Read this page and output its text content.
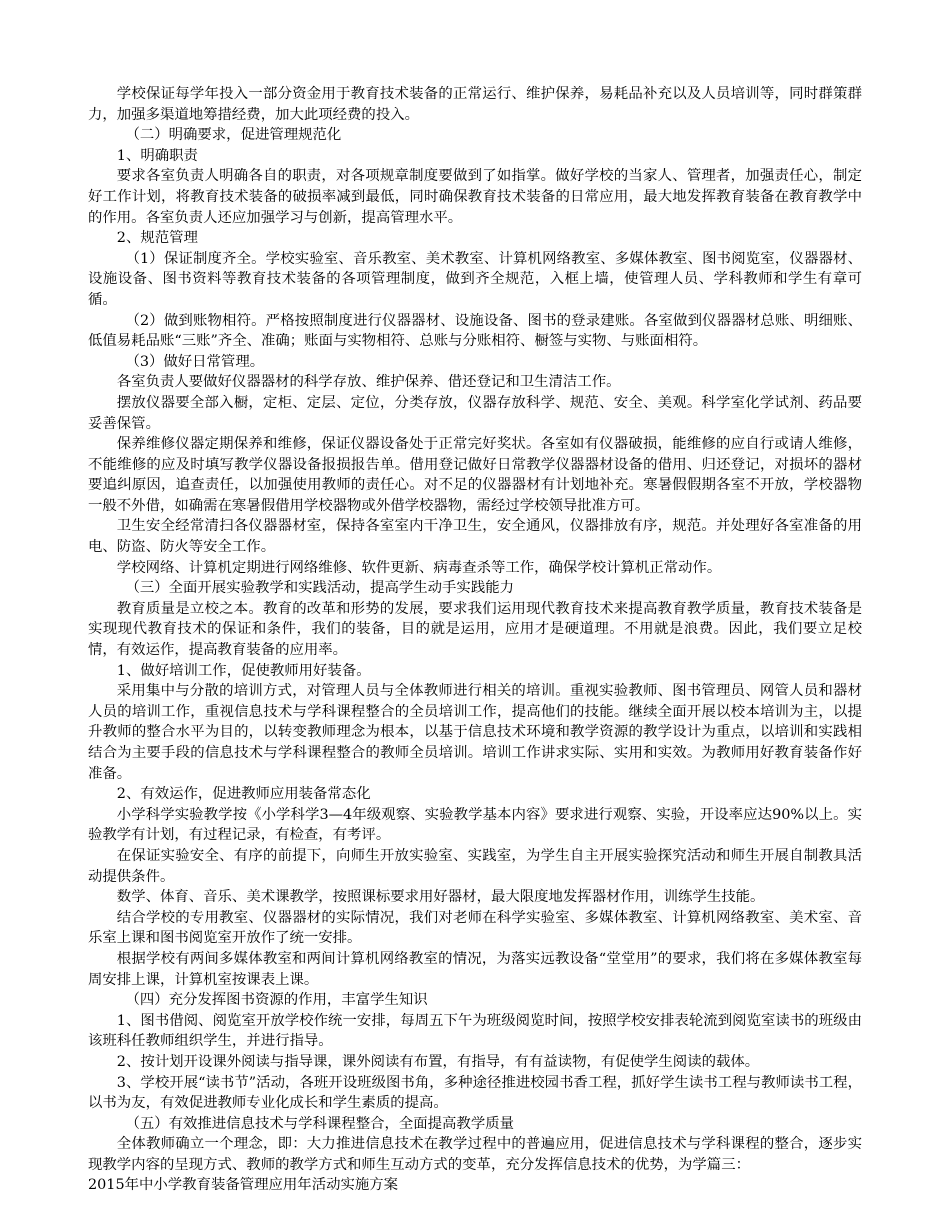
学校保证每学年投入一部分资金用于教育技术装备的正常运行、维护保养，易耗品补充以及人员培训等，同时群策群力，加强多渠道地筹措经费，加大此项经费的投入。

（二）明确要求，促进管理规范化

1、明确职责

要求各室负责人明确各自的职责，对各项规章制度要做到了如指掌。做好学校的当家人、管理者，加强责任心，制定好工作计划，将教育技术装备的破损率减到最低，同时确保教育技术装备的日常应用，最大地发挥教育装备在教育教学中的作用。各室负责人还应加强学习与创新，提高管理水平。

2、规范管理

（1）保证制度齐全。学校实验室、音乐教室、美术教室、计算机网络教室、多媒体教室、图书阅览室，仪器器材、设施设备、图书资料等教育技术装备的各项管理制度，做到齐全规范，入框上墙，使管理人员、学科教师和学生有章可循。

（2）做到账物相符。严格按照制度进行仪器器材、设施设备、图书的登录建账。各室做到仪器器材总账、明细账、低值易耗品账“三账”齐全、准确；账面与实物相符、总账与分账相符、橱签与实物、与账面相符。

（3）做好日常管理。

各室负责人要做好仪器器材的科学存放、维护保养、借还登记和卫生清洁工作。

摆放仪器要全部入橱，定柜、定层、定位，分类存放，仪器存放科学、规范、安全、美观。科学室化学试剂、药品要妥善保管。

保养维修仪器定期保养和维修，保证仪器设备处于正常完好奖状。各室如有仪器破损，能维修的应自行或请人维修，不能维修的应及时填写教学仪器设备报损报告单。借用登记做好日常教学仪器器材设备的借用、归还登记，对损坏的器材要追纠原因，追查责任，以加强使用教师的责任心。对不足的仪器器材有计划地补充。寒暑假假期各室不开放，学校器物一般不外借，如确需在寒暑假借用学校器物或外借学校器物，需经过学校领导批准方可。

卫生安全经常清扫各仪器器材室，保持各室室内干净卫生，安全通风，仪器排放有序，规范。并处理好各室准备的用电、防盗、防火等安全工作。

学校网络、计算机定期进行网络维修、软件更新、病毒查杀等工作，确保学校计算机正常动作。

（三）全面开展实验教学和实践活动，提高学生动手实践能力

教育质量是立校之本。教育的改革和形势的发展，要求我们运用现代教育技术来提高教育教学质量，教育技术装备是实现现代教育技术的保证和条件，我们的装备，目的就是运用，应用才是硬道理。不用就是浪费。因此，我们要立足校情，有效运作，提高教育装备的应用率。

1、做好培训工作，促使教师用好装备。

采用集中与分散的培训方式，对管理人员与全体教师进行相关的培训。重视实验教师、图书管理员、网管人员和器材人员的培训工作，重视信息技术与学科课程整合的全员培训工作，提高他们的技能。继续全面开展以校本培训为主，以提升教师的整合水平为目的，以转变教师理念为根本，以基于信息技术环境和教学资源的教学设计为重点，以培训和实践相结合为主要手段的信息技术与学科课程整合的教师全员培训。培训工作讲求实际、实用和实效。为教师用好教育装备作好准备。

2、有效运作，促进教师应用装备常态化

小学科学实验教学按《小学科学3—4年级观察、实验教学基本内容》要求进行观察、实验，开设率应达90%以上。实验教学有计划，有过程记录，有检查，有考评。

在保证实验安全、有序的前提下，向师生开放实验室、实践室，为学生自主开展实验探究活动和师生开展自制教具活动提供条件。

数学、体育、音乐、美术课教学，按照课标要求用好器材，最大限度地发挥器材作用，训练学生技能。

结合学校的专用教室、仪器器材的实际情况，我们对老师在科学实验室、多媒体教室、计算机网络教室、美术室、音乐室上课和图书阅览室开放作了统一安排。

根据学校有两间多媒体教室和两间计算机网络教室的情况，为落实远教设备“堂堂用”的要求，我们将在多媒体教室每周安排上课，计算机室按课表上课。

（四）充分发挥图书资源的作用，丰富学生知识

1、图书借阅、阅览室开放学校作统一安排，每周五下午为班级阅览时间，按照学校安排表轮流到阅览室读书的班级由该班科任教师组织学生，并进行指导。

2、按计划开设课外阅读与指导课，课外阅读有布置，有指导，有有益读物，有促使学生阅读的载体。

3、学校开展“读书节”活动，各班开设班级图书角，多种途径推进校园书香工程，抓好学生读书工程与教师读书工程，以书为友，有效促进教师专业化成长和学生素质的提高。

（五）有效推进信息技术与学科课程整合，全面提高教学质量

全体教师确立一个理念，即：大力推进信息技术在教学过程中的普遍应用，促进信息技术与学科课程的整合，逐步实现教学内容的呈现方式、教师的教学方式和师生互动方式的变革，充分发挥信息技术的优势，为学篇三：

2015年中小学教育装备管理应用年活动实施方案
